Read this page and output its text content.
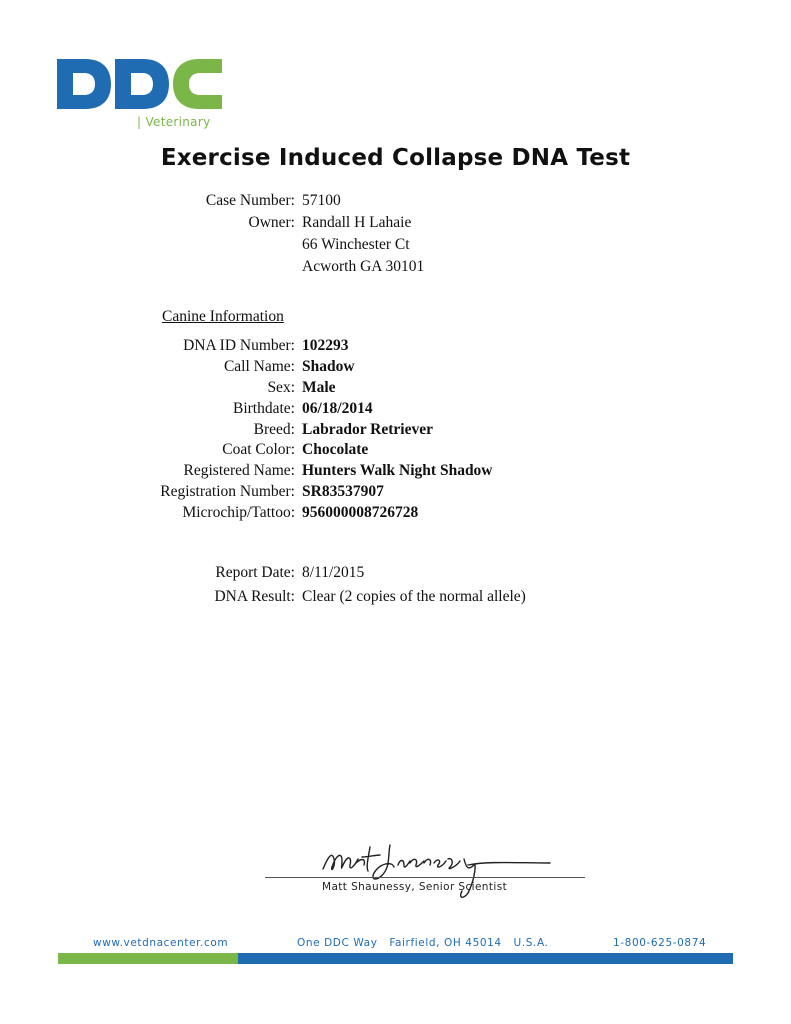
| Veterinary
Exercise Induced Collapse DNA Test
Case Number: 57100
Owner: Randall H Lahaie
66 Winchester Ct
Acworth GA 30101
Canine Information
DNA ID Number: 102293
Call Name: Shadow
Sex: Male
Birthdate: 06/18/2014
Breed: Labrador Retriever
Coat Color: Chocolate
Registered Name: Hunters Walk Night Shadow
Registration Number: SR83537907
Microchip/Tattoo: 956000008726728
Report Date: 8/11/2015
DNA Result: Clear (2 copies of the normal allele)
Matt Shaunessy, Senior Scientist
www.vetdnacenter.com	One DDC Way   Fairfield, OH 45014   U.S.A.	1-800-625-0874
